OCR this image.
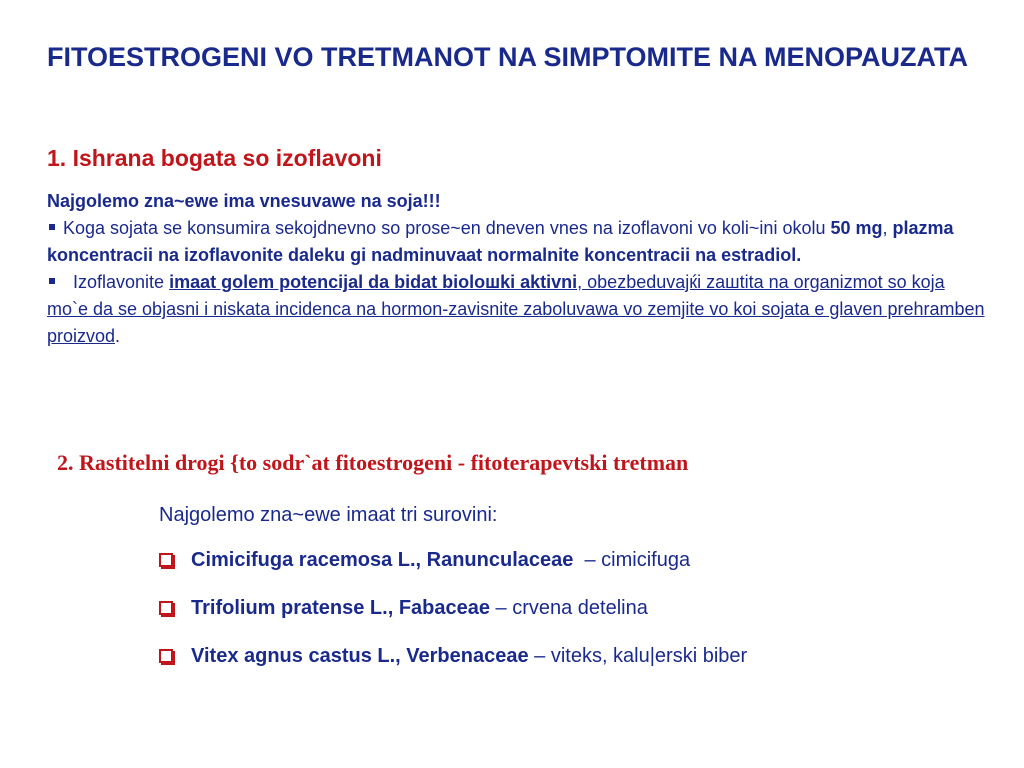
FITOESTROGENI VO TRETMANOT NA SIMPTOMITE NA MENOPAUZATA
1. Ishrana bogata so izoflavoni

Najgolemo zna~ewe ima vnesuvawe na soja!!!

Koga sojata se konsumira sekojdnevno so prose~en dneven vnes na izoflavoni vo koli~ini okolu 50 mg, plazma koncentracii na izoflavonite daleku gi nadminuvaat normalnite koncentracii na estradiol.

Izoflavonite imaat golem potencijal da bidat bioloшki aktivni, obezbeduvaјќi zaшtita na organizmot so koja mo`e da se objasni i niskata incidenca na hormon-zavisnite zaboluvawa vo zemjite vo koi sojata e glaven prehramben proizvod.

2. Rastitelni drogi {to sodr`at fitoestrogeni - fitoterapevtski tretman
Najgolemo zna~ewe imaat tri surovini:
Cimicifuga racemosa L., Ranunculaceae – cimicifuga
Trifolium pratense L., Fabaceae – crvena detelina
Vitex agnus castus L., Verbenaceae – viteks, kalu|erski biber
